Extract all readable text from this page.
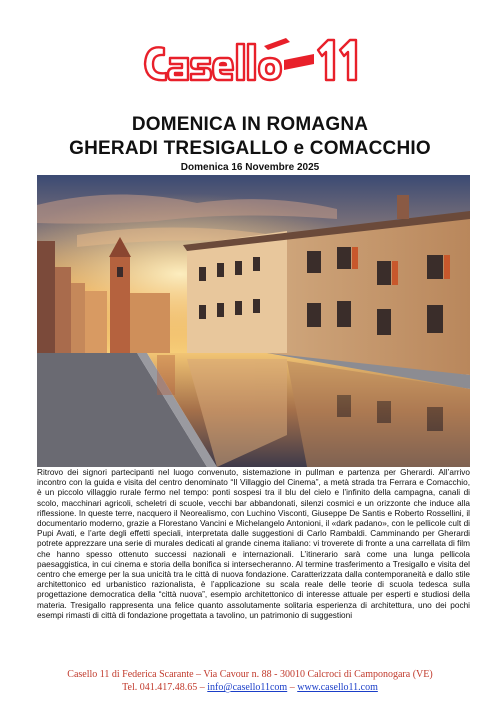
DOMENICA IN ROMAGNA
GHERADI TRESIGALLO e COMACCHIO
Domenica 16 Novembre 2025

Ritrovo dei signori partecipanti nel luogo convenuto, sistemazione in pullman e partenza per Gherardi. All’arrivo incontro con la guida e visita del centro denominato “Il Villaggio del Cinema”, a metà strada tra Ferrara e Comacchio, è un piccolo villaggio rurale fermo nel tempo: ponti sospesi tra il blu del cielo e l’infinito della campagna, canali di scolo, macchinari agricoli, scheletri di scuole, vecchi bar abbandonati, silenzi cosmici e un orizzonte che induce alla riflessione. In queste terre, nacquero il Neorealismo, con Luchino Visconti, Giuseppe De Santis e Roberto Rossellini, il documentario moderno, grazie a Florestano Vancini e Michelangelo Antonioni, il «dark padano», con le pellicole cult di Pupi Avati, e l’arte degli effetti speciali, interpretata dalle suggestioni di Carlo Rambaldi. Camminando per Gherardi potrete apprezzare una serie di murales dedicati al grande cinema italiano: vi troverete di fronte a una carrellata di film che hanno spesso ottenuto successi nazionali e internazionali. L’itinerario sarà come una lunga pellicola paesaggistica, in cui cinema e storia della bonifica si intersecheranno. Al termine trasferimento a Tresigallo e visita del centro che emerge per la sua unicità tra le città di nuova fondazione. Caratterizzata dalla contemporaneità e dallo stile architettonico ed urbanistico razionalista, è l’applicazione su scala reale delle teorie di scuola tedesca sulla progettazione democratica della “città nuova”, esempio architettonico di interesse attuale per esperti e studiosi della materia. Tresigallo rappresenta una felice quanto assolutamente solitaria esperienza di architettura, uno dei pochi esempi rimasti di città di fondazione progettata a tavolino, un patrimonio di suggestioni

Casello 11 di Federica Scarante – Via Cavour n. 88 - 30010 Calcroci di Camponogara (VE)
Tel. 041.417.48.65 – info@casello11com – www.casello11.com
